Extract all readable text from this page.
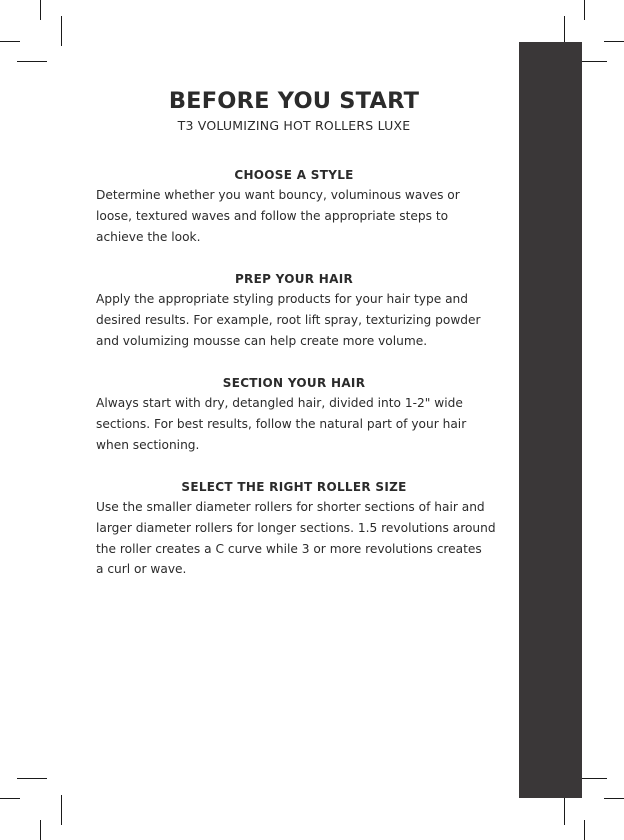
BEFORE YOU START
T3 VOLUMIZING HOT ROLLERS LUXE
CHOOSE A STYLE
Determine whether you want bouncy, voluminous waves or
loose, textured waves and follow the appropriate steps to
achieve the look.
PREP YOUR HAIR
Apply the appropriate styling products for your hair type and
desired results. For example, root lift spray, texturizing powder
and volumizing mousse can help create more volume.
SECTION YOUR HAIR
Always start with dry, detangled hair, divided into 1-2" wide
sections. For best results, follow the natural part of your hair
when sectioning.
SELECT THE RIGHT ROLLER SIZE
Use the smaller diameter rollers for shorter sections of hair and
larger diameter rollers for longer sections. 1.5 revolutions around
the roller creates a C curve while 3 or more revolutions creates
a curl or wave.
